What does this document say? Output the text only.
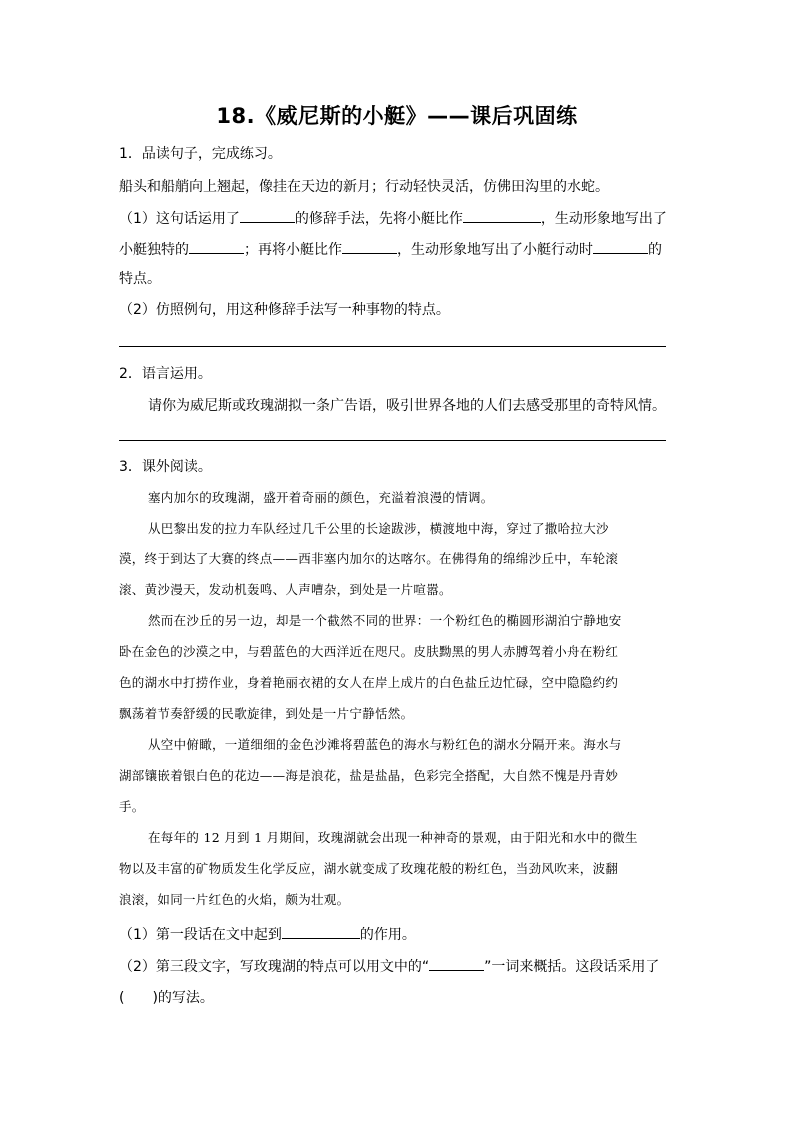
18.《威尼斯的小艇》——课后巩固练
1．品读句子，完成练习。
船头和船艄向上翘起，像挂在天边的新月；行动轻快灵活，仿佛田沟里的水蛇。
（1）这句话运用了	的修辞手法，先将小艇比作	，生动形象地写出了
小艇独特的	；再将小艇比作	，生动形象地写出了小艇行动时	的
特点。
（2）仿照例句，用这种修辞手法写一种事物的特点。
2．语言运用。
请你为威尼斯或玫瑰湖拟一条广告语，吸引世界各地的人们去感受那里的奇特风情。
3．课外阅读。
塞内加尔的玫瑰湖，盛开着奇丽的颜色，充溢着浪漫的情调。
从巴黎出发的拉力车队经过几千公里的长途跋涉，横渡地中海，穿过了撒哈拉大沙
漠，终于到达了大赛的终点——西非塞内加尔的达喀尔。在佛得角的绵绵沙丘中，车轮滚
滚、黄沙漫天，发动机轰鸣、人声嘈杂，到处是一片喧嚣。
然而在沙丘的另一边，却是一个截然不同的世界：一个粉红色的椭圆形湖泊宁静地安
卧在金色的沙漠之中，与碧蓝色的大西洋近在咫尺。皮肤黝黑的男人赤膊驾着小舟在粉红
色的湖水中打捞作业，身着艳丽衣裙的女人在岸上成片的白色盐丘边忙碌，空中隐隐约约
飘荡着节奏舒缓的民歌旋律，到处是一片宁静恬然。
从空中俯瞰，一道细细的金色沙滩将碧蓝色的海水与粉红色的湖水分隔开来。海水与
湖部镶嵌着银白色的花边——海是浪花，盐是盐晶，色彩完全搭配，大自然不愧是丹青妙
手。
在每年的 12 月到 1 月期间，玫瑰湖就会出现一种神奇的景观，由于阳光和水中的微生
物以及丰富的矿物质发生化学反应，湖水就变成了玫瑰花般的粉红色，当劲风吹来，波翻
浪滚，如同一片红色的火焰，颇为壮观。
（1）第一段话在文中起到	的作用。
（2）第三段文字，写玫瑰湖的特点可以用文中的“	”一词来概括。这段话采用了
(　　)的写法。
